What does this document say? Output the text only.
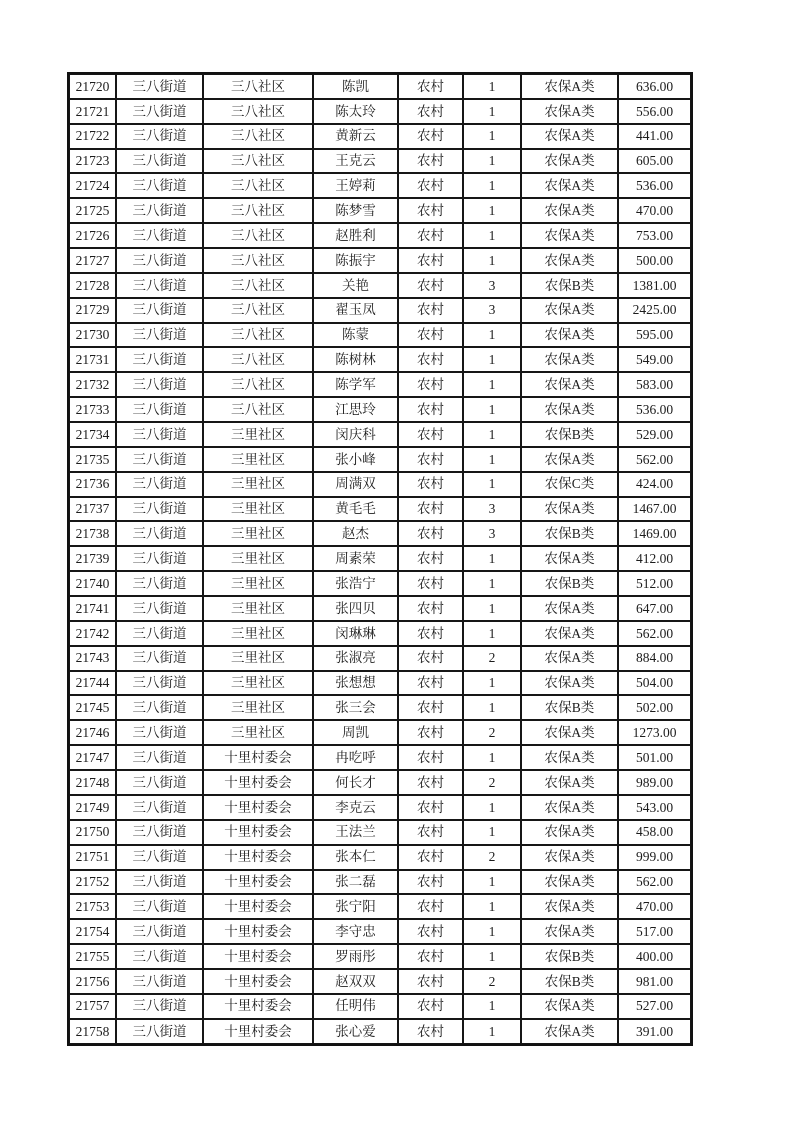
21720	三八街道	三八社区	陈凯	农村	1	农保A类	636.00
21721	三八街道	三八社区	陈太玲	农村	1	农保A类	556.00
21722	三八街道	三八社区	黄新云	农村	1	农保A类	441.00
21723	三八街道	三八社区	王克云	农村	1	农保A类	605.00
21724	三八街道	三八社区	王婷莉	农村	1	农保A类	536.00
21725	三八街道	三八社区	陈梦雪	农村	1	农保A类	470.00
21726	三八街道	三八社区	赵胜利	农村	1	农保A类	753.00
21727	三八街道	三八社区	陈振宇	农村	1	农保A类	500.00
21728	三八街道	三八社区	关艳	农村	3	农保B类	1381.00
21729	三八街道	三八社区	翟玉凤	农村	3	农保A类	2425.00
21730	三八街道	三八社区	陈蒙	农村	1	农保A类	595.00
21731	三八街道	三八社区	陈树林	农村	1	农保A类	549.00
21732	三八街道	三八社区	陈学军	农村	1	农保A类	583.00
21733	三八街道	三八社区	江思玲	农村	1	农保A类	536.00
21734	三八街道	三里社区	闵庆科	农村	1	农保B类	529.00
21735	三八街道	三里社区	张小峰	农村	1	农保A类	562.00
21736	三八街道	三里社区	周满双	农村	1	农保C类	424.00
21737	三八街道	三里社区	黄毛毛	农村	3	农保A类	1467.00
21738	三八街道	三里社区	赵杰	农村	3	农保B类	1469.00
21739	三八街道	三里社区	周素荣	农村	1	农保A类	412.00
21740	三八街道	三里社区	张浩宁	农村	1	农保B类	512.00
21741	三八街道	三里社区	张四贝	农村	1	农保A类	647.00
21742	三八街道	三里社区	闵琳琳	农村	1	农保A类	562.00
21743	三八街道	三里社区	张淑亮	农村	2	农保A类	884.00
21744	三八街道	三里社区	张想想	农村	1	农保A类	504.00
21745	三八街道	三里社区	张三会	农村	1	农保B类	502.00
21746	三八街道	三里社区	周凯	农村	2	农保A类	1273.00
21747	三八街道	十里村委会	冉吃呼	农村	1	农保A类	501.00
21748	三八街道	十里村委会	何长才	农村	2	农保A类	989.00
21749	三八街道	十里村委会	李克云	农村	1	农保A类	543.00
21750	三八街道	十里村委会	王法兰	农村	1	农保A类	458.00
21751	三八街道	十里村委会	张本仁	农村	2	农保A类	999.00
21752	三八街道	十里村委会	张二磊	农村	1	农保A类	562.00
21753	三八街道	十里村委会	张宁阳	农村	1	农保A类	470.00
21754	三八街道	十里村委会	李守忠	农村	1	农保A类	517.00
21755	三八街道	十里村委会	罗雨彤	农村	1	农保B类	400.00
21756	三八街道	十里村委会	赵双双	农村	2	农保B类	981.00
21757	三八街道	十里村委会	任明伟	农村	1	农保A类	527.00
21758	三八街道	十里村委会	张心爱	农村	1	农保A类	391.00
